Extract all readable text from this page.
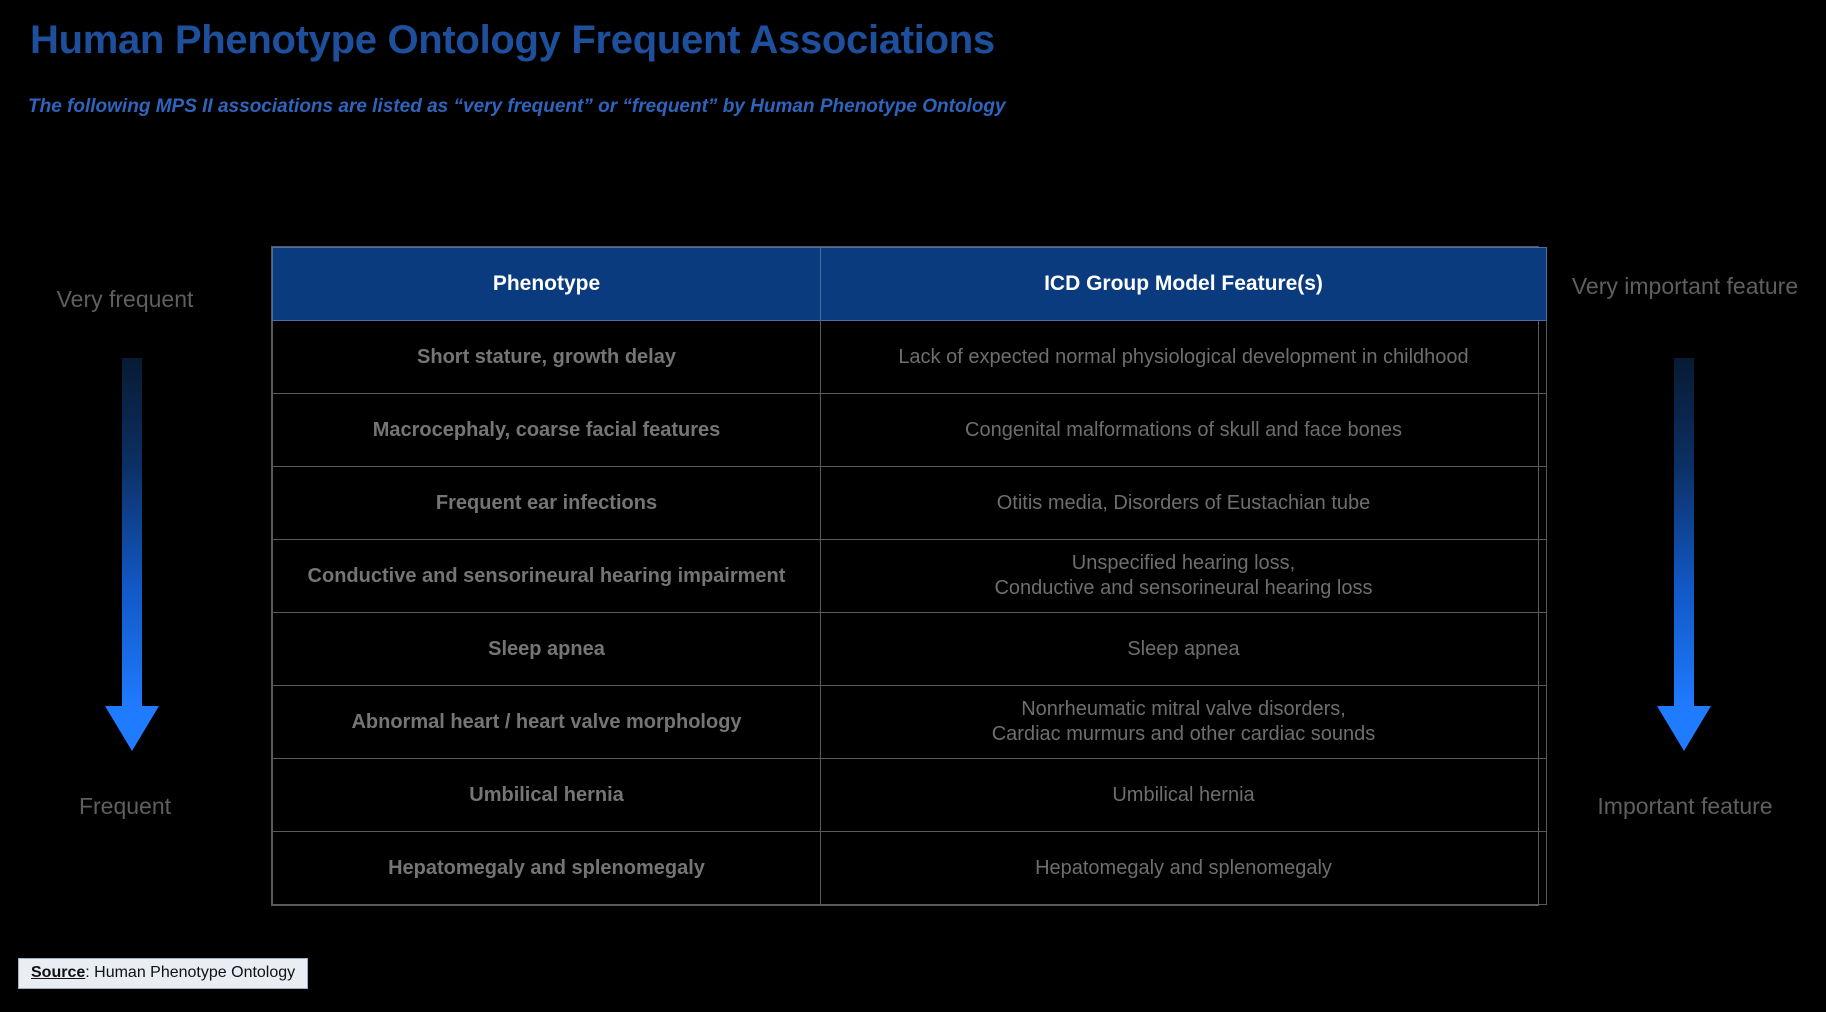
Human Phenotype Ontology Frequent Associations
The following MPS II associations are listed as “very frequent” or “frequent” by Human Phenotype Ontology
Very frequent
Frequent
Very important feature
Important feature
Phenotype	ICD Group Model Feature(s)
Short stature, growth delay	Lack of expected normal physiological development in childhood
Macrocephaly, coarse facial features	Congenital malformations of skull and face bones
Frequent ear infections	Otitis media, Disorders of Eustachian tube
Conductive and sensorineural hearing impairment	Unspecified hearing loss,
Conductive and sensorineural hearing loss
Sleep apnea	Sleep apnea
Abnormal heart / heart valve morphology	Nonrheumatic mitral valve disorders,
Cardiac murmurs and other cardiac sounds
Umbilical hernia	Umbilical hernia
Hepatomegaly and splenomegaly	Hepatomegaly and splenomegaly
Source: Human Phenotype Ontology
